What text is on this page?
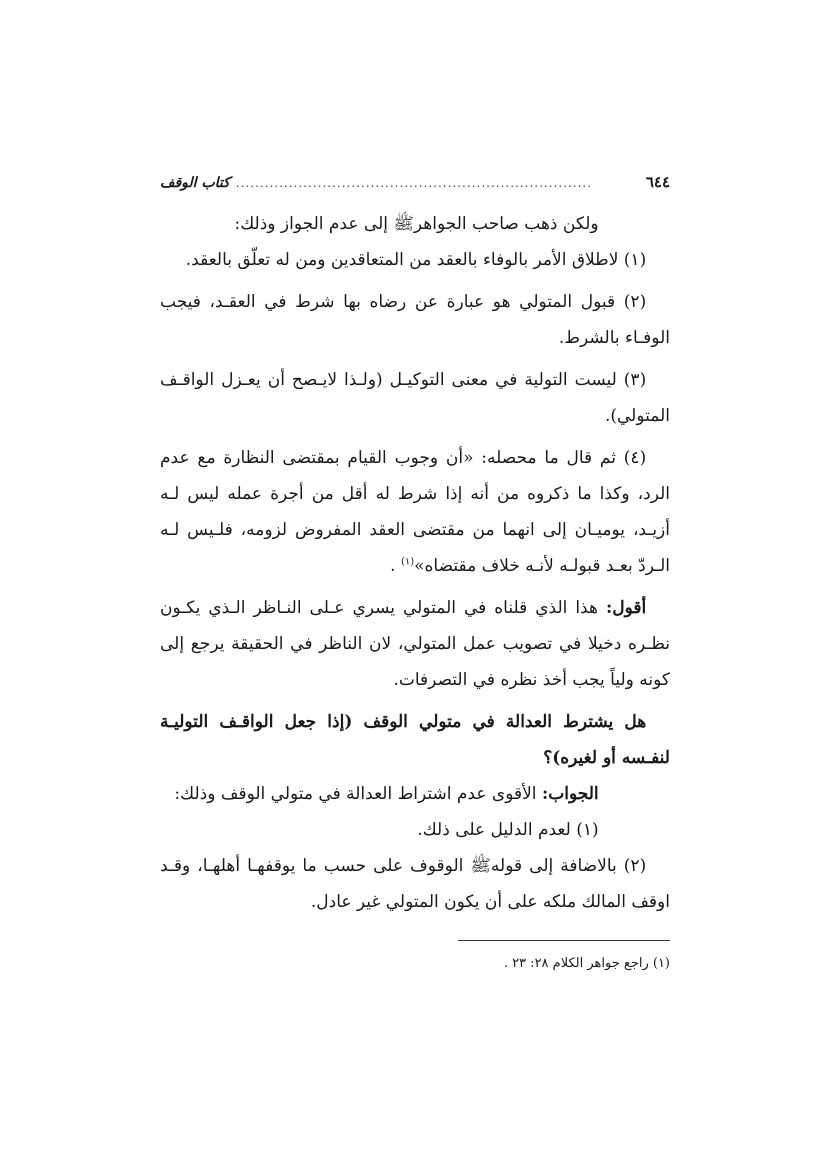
٦٤٤
..........................................................................
كتاب الوقف

ولكن ذهب صاحب الجواهرﷺ إلى عدم الجواز وذلك:

(١) لاطلاق الأمر بالوفاء بالعقد من المتعاقدين ومن له تعلّق بالعقد.

(٢) قبول المتولي هو عبارة عن رضاه بها شرط في العقـد، فيجب الوفـاء بالشرط.

(٣) ليست التولية في معنى التوكيـل (ولـذا لايـصح أن يعـزل الواقـف المتولي).

(٤) ثم قال ما محصله: «أن وجوب القيام بمقتضى النظارة مع عدم الرد، وكذا ما ذكروه من أنه إذا شرط له أقل من أجرة عمله ليس لـه أزيـد، يوميـان إلى انهما من مقتضى العقد المفروض لزومه، فلـيس لـه الـردّ بعـد قبولـه لأنـه خلاف مقتضاه»$^{(١)}$ .

أقول: هذا الذي قلناه في المتولي يسري عـلى النـاظر الـذي يكـون نظـره دخيلا في تصويب عمل المتولي، لان الناظر في الحقيقة يرجع إلى كونه ولياً يجب أخذ نظره في التصرفات.

هل يشترط العدالة في متولي الوقف (إذا جعل الواقـف التوليـة لنفـسه أو لغيره)؟

الجواب: الأقوى عدم اشتراط العدالة في متولي الوقف وذلك:

(١) لعدم الدليل على ذلك.

(٢) بالاضافة إلى قولهﷺ الوقوف على حسب ما يوقفهـا أهلهـا، وقـد اوقف المالك ملكه على أن يكون المتولي غير عادل.

(١) راجع جواهر الكلام ٢٨: ٢٣ .
